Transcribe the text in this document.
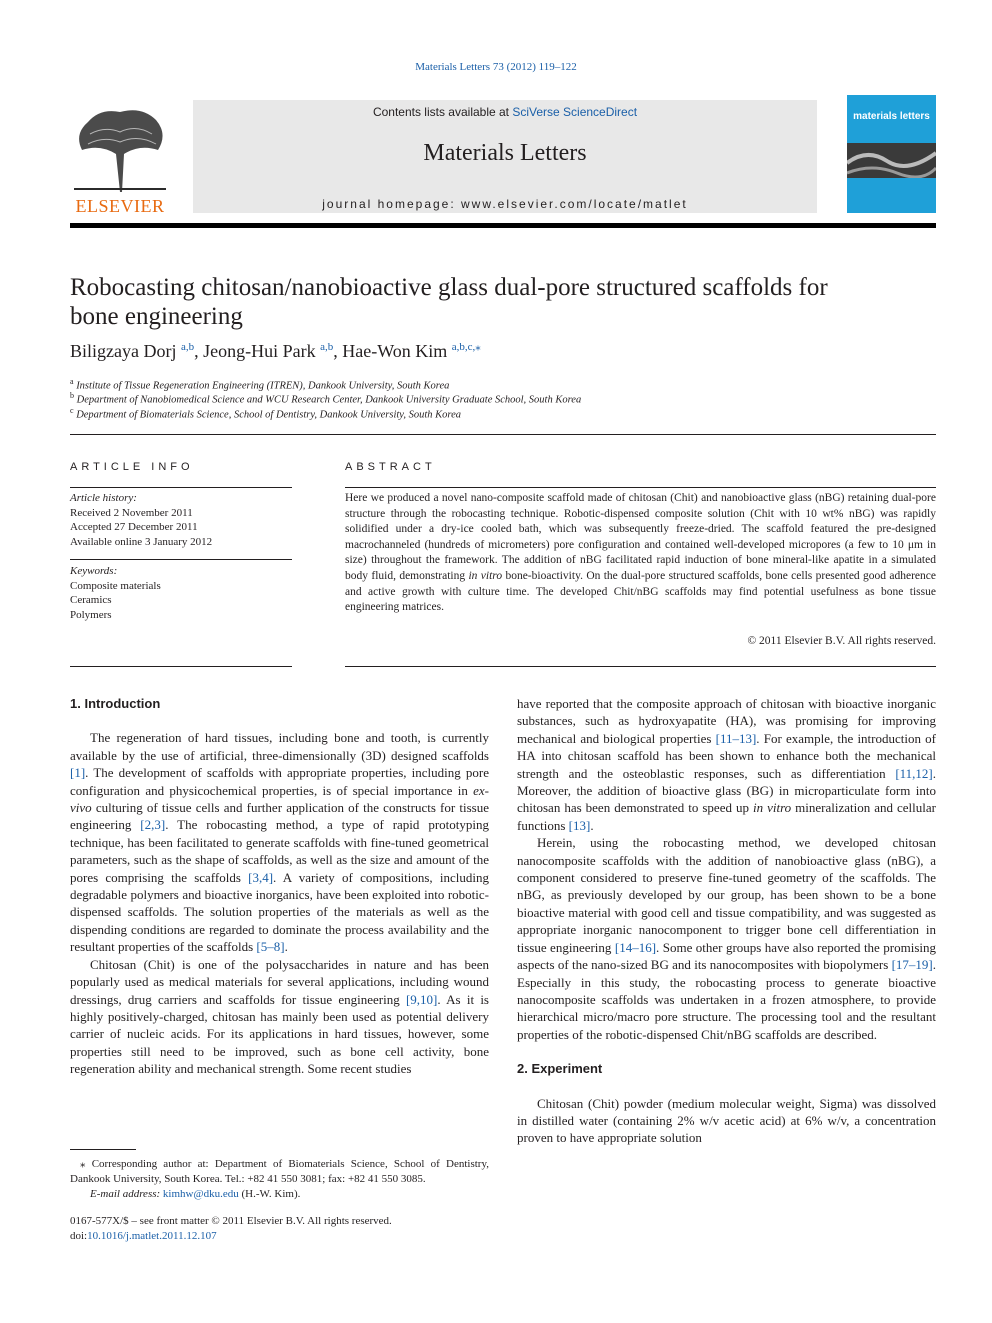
Materials Letters 73 (2012) 119–122
ELSEVIER
Contents lists available at SciVerse ScienceDirect
Materials Letters
journal homepage: www.elsevier.com/locate/matlet
materials letters
Robocasting chitosan/nanobioactive glass dual-pore structured scaffolds for bone engineering
Biligzaya Dorj $^{a,b}$, Jeong-Hui Park $^{a,b}$, Hae-Won Kim $^{a,b,c,⁎}$
$^a$ Institute of Tissue Regeneration Engineering (ITREN), Dankook University, South Korea
$^b$ Department of Nanobiomedical Science and WCU Research Center, Dankook University Graduate School, South Korea
$^c$ Department of Biomaterials Science, School of Dentistry, Dankook University, South Korea
ARTICLE INFO
Article history:
Received 2 November 2011
Accepted 27 December 2011
Available online 3 January 2012
Keywords:
Composite materials
Ceramics
Polymers
ABSTRACT
Here we produced a novel nano-composite scaffold made of chitosan (Chit) and nanobioactive glass (nBG) retaining dual-pore structure through the robocasting technique. Robotic-dispensed composite solution (Chit with 10 wt% nBG) was rapidly solidified under a dry-ice cooled bath, which was subsequently freeze-dried. The scaffold featured the pre-designed macrochanneled (hundreds of micrometers) pore configuration and contained well-developed micropores (a few to 10 μm in size) throughout the framework. The addition of nBG facilitated rapid induction of bone mineral-like apatite in a simulated body fluid, demonstrating in vitro bone-bioactivity. On the dual-pore structured scaffolds, bone cells presented good adherence and active growth with culture time. The developed Chit/nBG scaffolds may find potential usefulness as bone tissue engineering matrices.
© 2011 Elsevier B.V. All rights reserved.
1. Introduction

The regeneration of hard tissues, including bone and tooth, is currently available by the use of artificial, three-dimensionally (3D) designed scaffolds [1]. The development of scaffolds with appropriate properties, including pore configuration and physicochemical properties, is of special importance in ex-vivo culturing of tissue cells and further application of the constructs for tissue engineering [2,3]. The robocasting method, a type of rapid prototyping technique, has been facilitated to generate scaffolds with fine-tuned geometrical parameters, such as the shape of scaffolds, as well as the size and amount of the pores comprising the scaffolds [3,4]. A variety of compositions, including degradable polymers and bioactive inorganics, have been exploited into robotic-dispensed scaffolds. The solution properties of the materials as well as the dispending conditions are regarded to dominate the process availability and the resultant properties of the scaffolds [5–8].

Chitosan (Chit) is one of the polysaccharides in nature and has been popularly used as medical materials for several applications, including wound dressings, drug carriers and scaffolds for tissue engineering [9,10]. As it is highly positively-charged, chitosan has mainly been used as potential delivery carrier of nucleic acids. For its applications in hard tissues, however, some properties still need to be improved, such as bone cell activity, bone regeneration ability and mechanical strength. Some recent studies

have reported that the composite approach of chitosan with bioactive inorganic substances, such as hydroxyapatite (HA), was promising for improving mechanical and biological properties [11–13]. For example, the introduction of HA into chitosan scaffold has been shown to enhance both the mechanical strength and the osteoblastic responses, such as differentiation [11,12]. Moreover, the addition of bioactive glass (BG) in microparticulate form into chitosan has been demonstrated to speed up in vitro mineralization and cellular functions [13].

Herein, using the robocasting method, we developed chitosan nanocomposite scaffolds with the addition of nanobioactive glass (nBG), a component considered to preserve fine-tuned geometry of the scaffolds. The nBG, as previously developed by our group, has been shown to be a bone bioactive material with good cell and tissue compatibility, and was suggested as appropriate inorganic nanocomponent to trigger bone cell differentiation in tissue engineering [14–16]. Some other groups have also reported the promising aspects of the nano-sized BG and its nanocomposites with biopolymers [17–19]. Especially in this study, the robocasting process to generate bioactive nanocomposite scaffolds was undertaken in a frozen atmosphere, to provide hierarchical micro/macro pore structure. The processing tool and the resultant properties of the robotic-dispensed Chit/nBG scaffolds are described.

2. Experiment

Chitosan (Chit) powder (medium molecular weight, Sigma) was dissolved in distilled water (containing 2% w/v acetic acid) at 6% w/v, a concentration proven to have appropriate solution

⁎ Corresponding author at: Department of Biomaterials Science, School of Dentistry, Dankook University, South Korea. Tel.: +82 41 550 3081; fax: +82 41 550 3085.
E-mail address: kimhw@dku.edu (H.-W. Kim).
0167-577X/$ – see front matter © 2011 Elsevier B.V. All rights reserved.
doi:10.1016/j.matlet.2011.12.107
